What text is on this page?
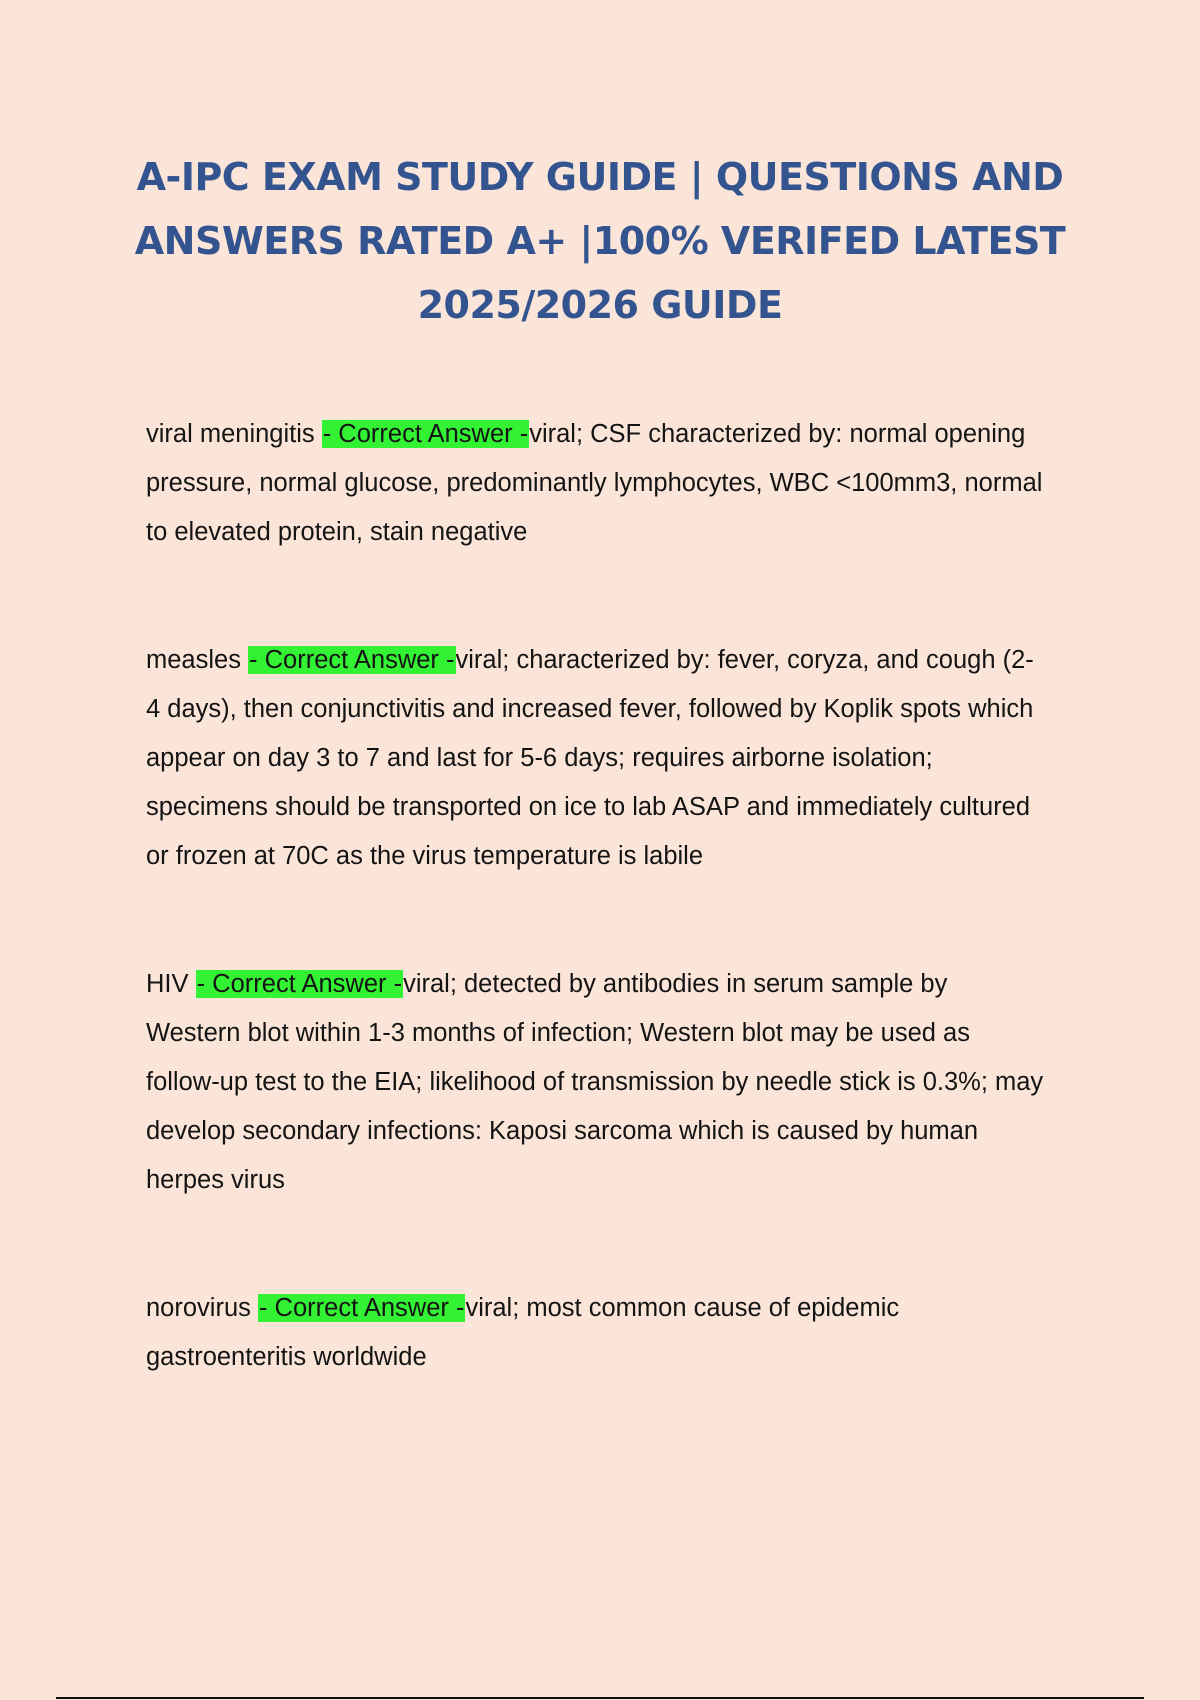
A-IPC EXAM STUDY GUIDE | QUESTIONS AND ANSWERS RATED A+ |100% VERIFED LATEST 2025/2026 GUIDE

viral meningitis - Correct Answer -viral; CSF characterized by: normal opening pressure, normal glucose, predominantly lymphocytes, WBC <100mm3, normal to elevated protein, stain negative

measles - Correct Answer -viral; characterized by: fever, coryza, and cough (2-4 days), then conjunctivitis and increased fever, followed by Koplik spots which appear on day 3 to 7 and last for 5-6 days; requires airborne isolation; specimens should be transported on ice to lab ASAP and immediately cultured or frozen at 70C as the virus temperature is labile

HIV - Correct Answer -viral; detected by antibodies in serum sample by Western blot within 1-3 months of infection; Western blot may be used as follow-up test to the EIA; likelihood of transmission by needle stick is 0.3%; may develop secondary infections: Kaposi sarcoma which is caused by human herpes virus

norovirus - Correct Answer -viral; most common cause of epidemic gastroenteritis worldwide
